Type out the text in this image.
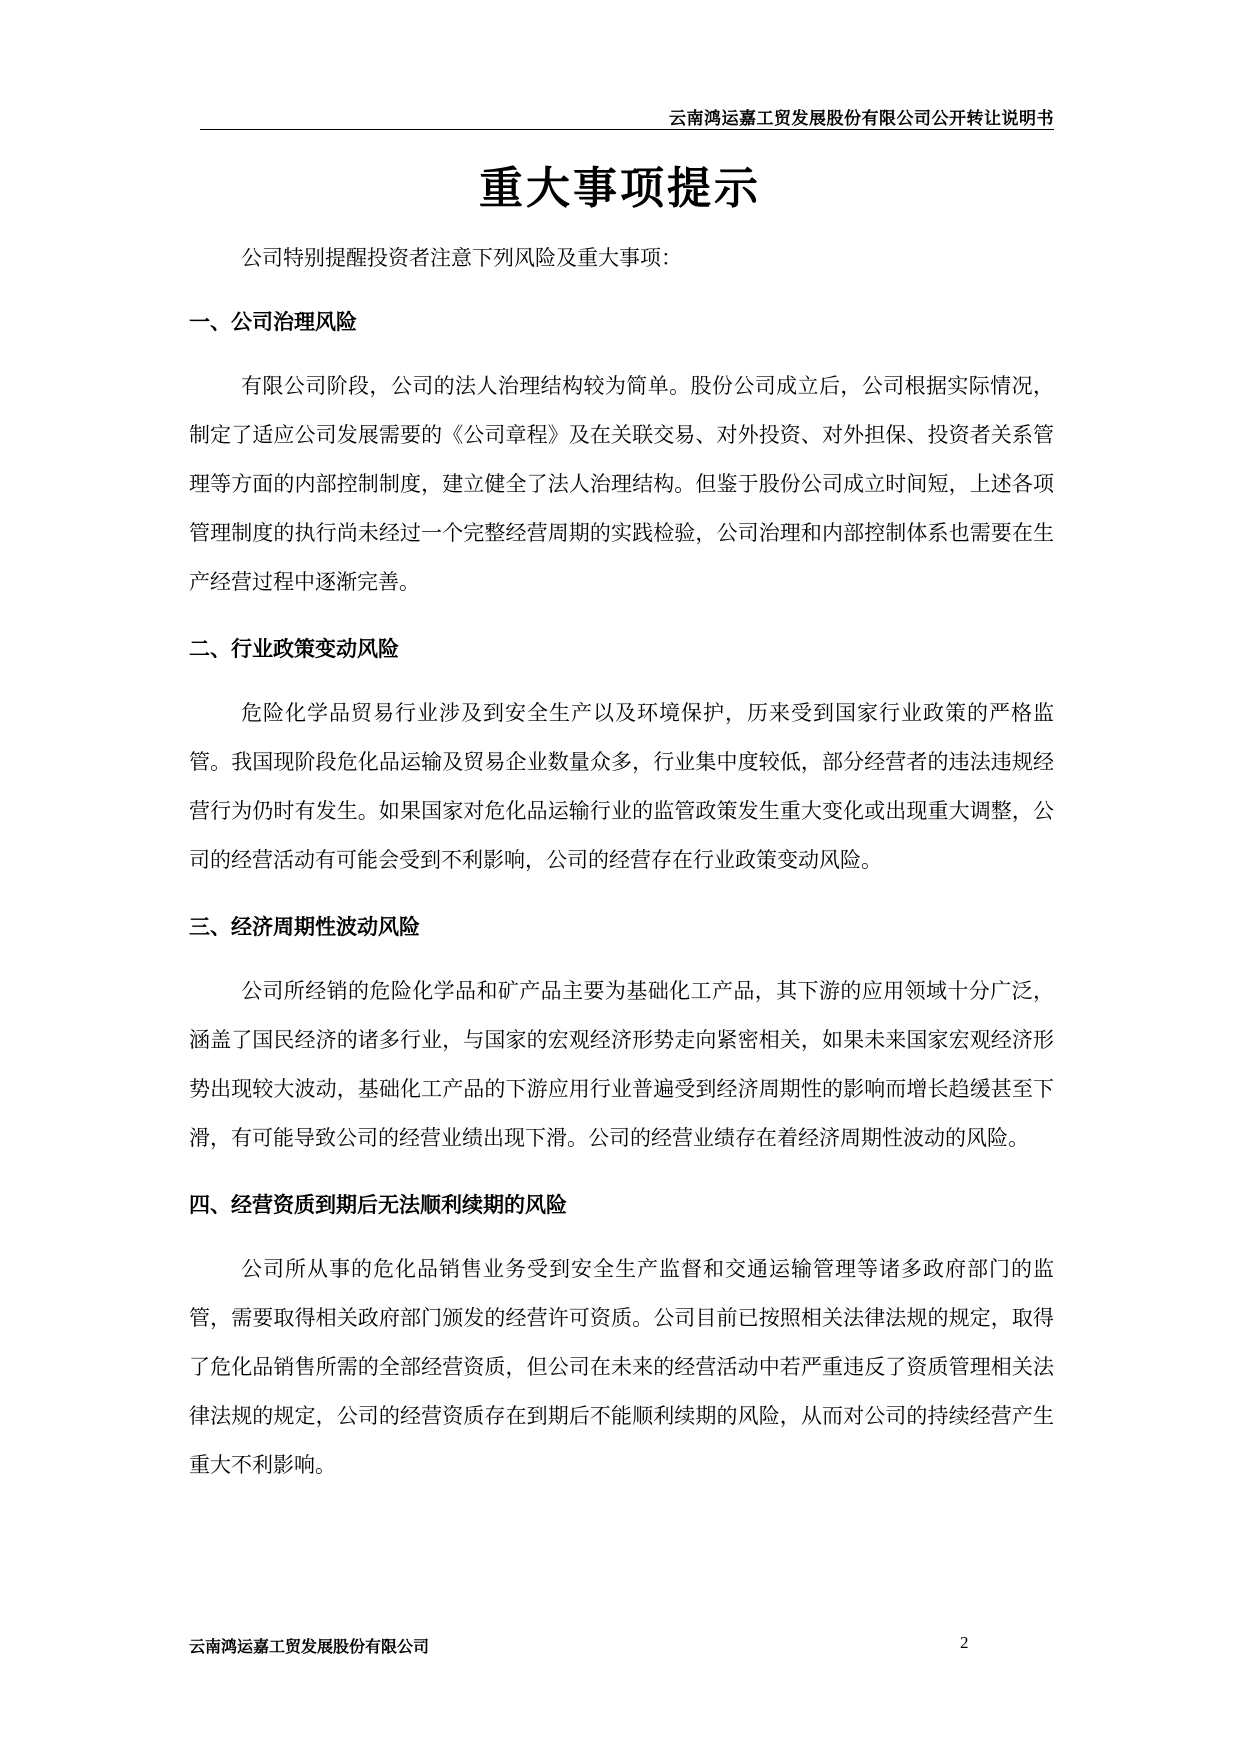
云南鸿运嘉工贸发展股份有限公司公开转让说明书
重大事项提示

公司特别提醒投资者注意下列风险及重大事项：

一、公司治理风险

有限公司阶段，公司的法人治理结构较为简单。股份公司成立后，公司根据实际情况，制定了适应公司发展需要的《公司章程》及在关联交易、对外投资、对外担保、投资者关系管理等方面的内部控制制度，建立健全了法人治理结构。但鉴于股份公司成立时间短，上述各项管理制度的执行尚未经过一个完整经营周期的实践检验，公司治理和内部控制体系也需要在生产经营过程中逐渐完善。

二、行业政策变动风险

危险化学品贸易行业涉及到安全生产以及环境保护，历来受到国家行业政策的严格监管。我国现阶段危化品运输及贸易企业数量众多，行业集中度较低，部分经营者的违法违规经营行为仍时有发生。如果国家对危化品运输行业的监管政策发生重大变化或出现重大调整，公司的经营活动有可能会受到不利影响，公司的经营存在行业政策变动风险。

三、经济周期性波动风险

公司所经销的危险化学品和矿产品主要为基础化工产品，其下游的应用领域十分广泛，涵盖了国民经济的诸多行业，与国家的宏观经济形势走向紧密相关，如果未来国家宏观经济形势出现较大波动，基础化工产品的下游应用行业普遍受到经济周期性的影响而增长趋缓甚至下滑，有可能导致公司的经营业绩出现下滑。公司的经营业绩存在着经济周期性波动的风险。

四、经营资质到期后无法顺利续期的风险

公司所从事的危化品销售业务受到安全生产监督和交通运输管理等诸多政府部门的监管，需要取得相关政府部门颁发的经营许可资质。公司目前已按照相关法律法规的规定，取得了危化品销售所需的全部经营资质，但公司在未来的经营活动中若严重违反了资质管理相关法律法规的规定，公司的经营资质存在到期后不能顺利续期的风险，从而对公司的持续经营产生重大不利影响。

云南鸿运嘉工贸发展股份有限公司	2
